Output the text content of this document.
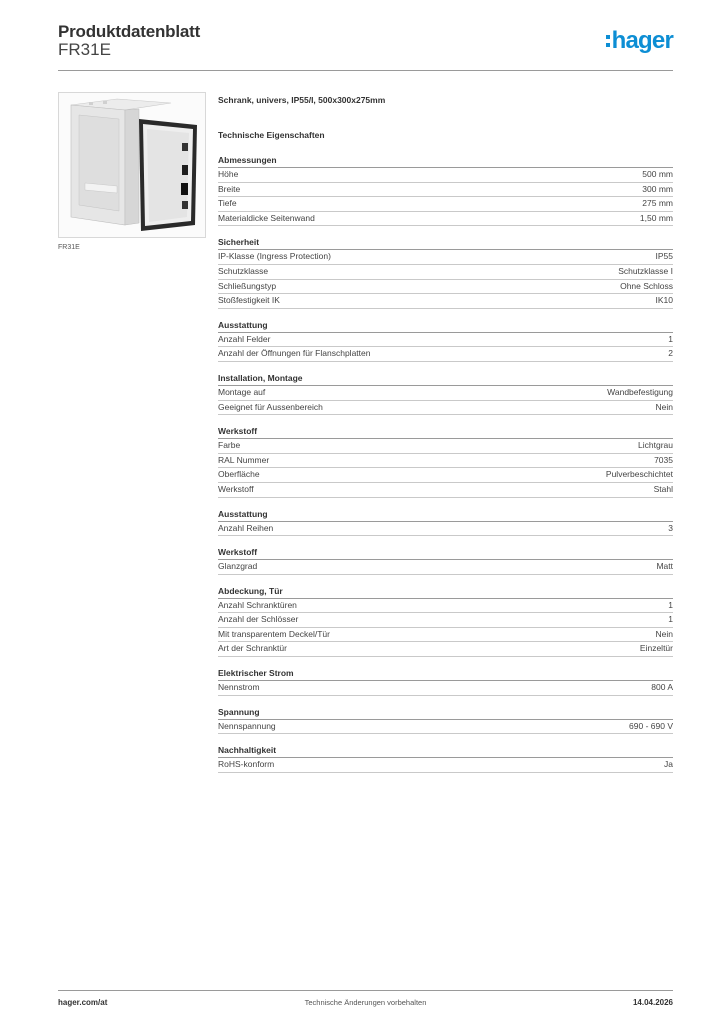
Produktdatenblatt
FR31E	hager
FR31E
Schrank, univers, IP55/I, 500x300x275mm
Technische Eigenschaften
Abmessungen
Höhe	500 mm
Breite	300 mm
Tiefe	275 mm
Materialdicke Seitenwand	1,50 mm
Sicherheit
IP-Klasse (Ingress Protection)	IP55
Schutzklasse	Schutzklasse I
Schließungstyp	Ohne Schloss
Stoßfestigkeit IK	IK10
Ausstattung
Anzahl Felder	1
Anzahl der Öffnungen für Flanschplatten	2
Installation, Montage
Montage auf	Wandbefestigung
Geeignet für Aussenbereich	Nein
Werkstoff
Farbe	Lichtgrau
RAL Nummer	7035
Oberfläche	Pulverbeschichtet
Werkstoff	Stahl
Ausstattung
Anzahl Reihen	3
Werkstoff
Glanzgrad	Matt
Abdeckung, Tür
Anzahl Schranktüren	1
Anzahl der Schlösser	1
Mit transparentem Deckel/Tür	Nein
Art der Schranktür	Einzeltür
Elektrischer Strom
Nennstrom	800 A
Spannung
Nennspannung	690 - 690 V
Nachhaltigkeit
RoHS-konform	Ja
hager.com/at	Technische Änderungen vorbehalten	14.04.2026
